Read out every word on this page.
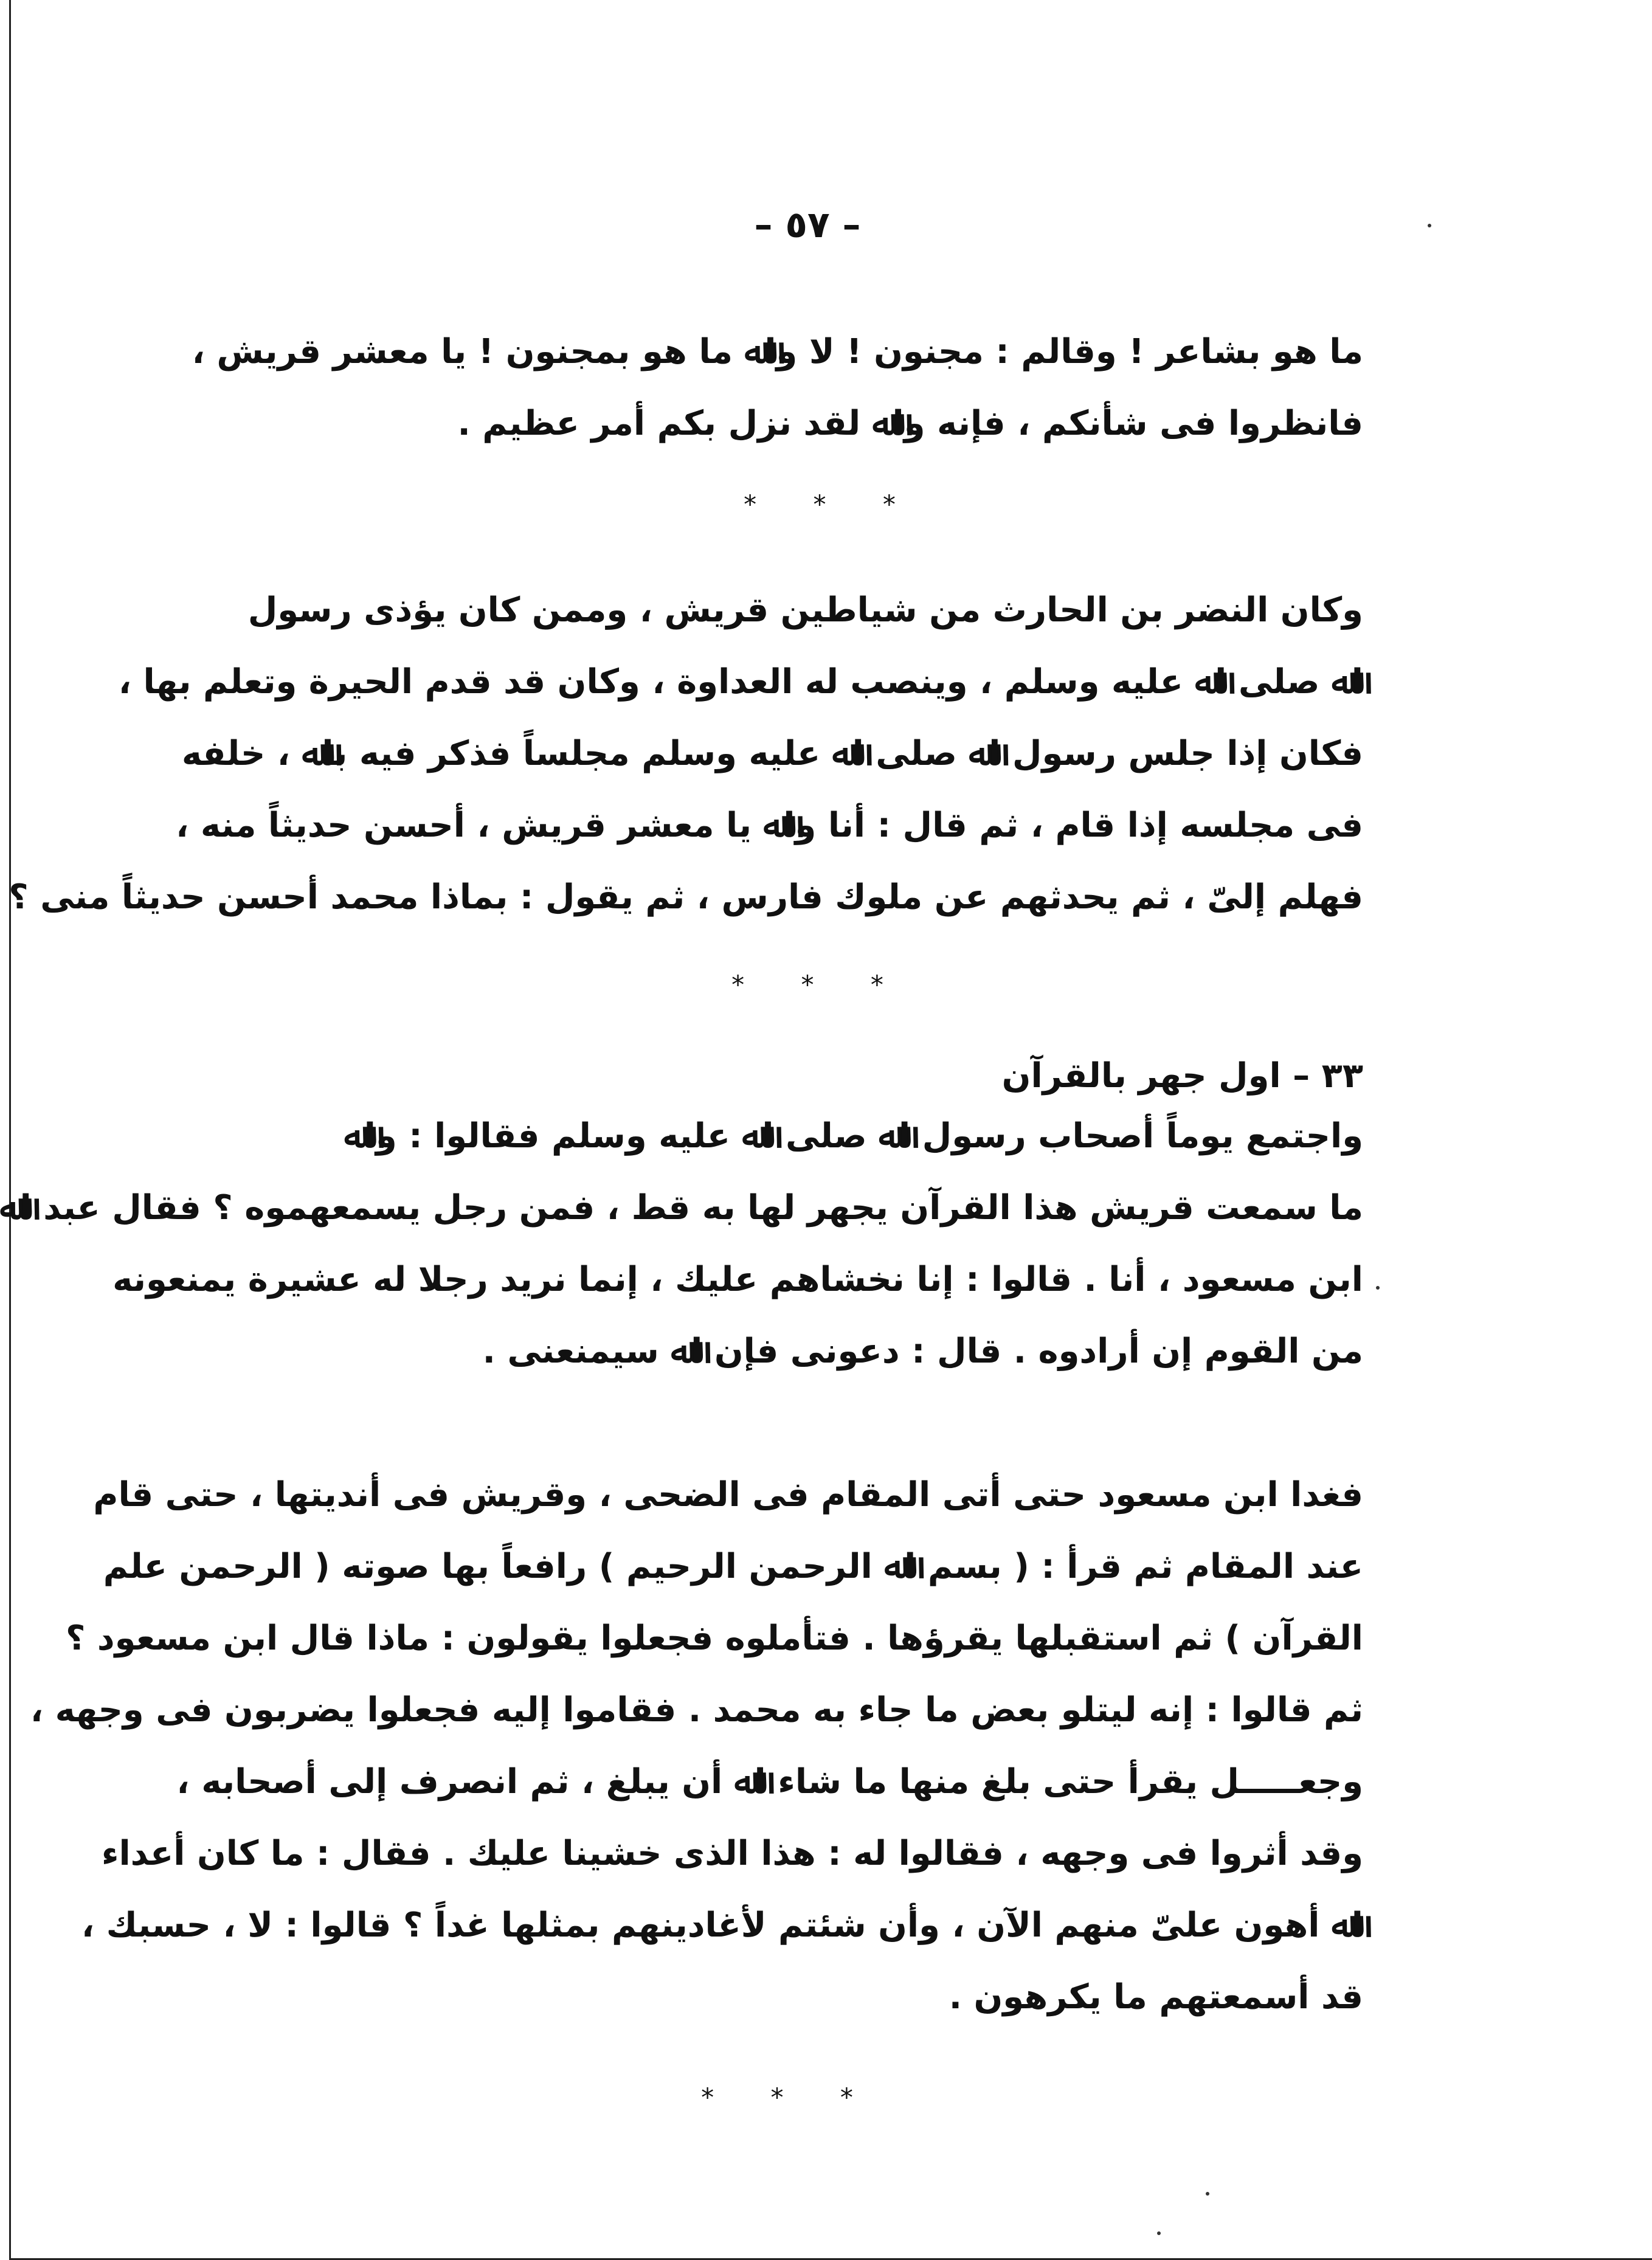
– ٥٧ –
ما هو بشاعر ! وقالم : مجنون ! لا واﷲ ما هو بمجنون ! يا معشر قريش ،
فانظروا فى شأنكم ، فإنه واﷲ لقد نزل بكم أمر عظيم .
* * *
وكان النضر بن الحارث من شياطين قريش ، وممن كان يؤذى رسول
اﷲ صلى اﷲ عليه وسلم ، وينصب له العداوة ، وكان قد قدم الحيرة وتعلم بها ،
فكان إذا جلس رسول اﷲ صلى اﷲ عليه وسلم مجلساً فذكر فيه باﷲ ، خلفه
فى مجلسه إذا قام ، ثم قال : أنا واﷲ يا معشر قريش ، أحسن حديثاً منه ،
فهلم إلىّ ، ثم يحدثهم عن ملوك فارس ، ثم يقول : بماذا محمد أحسن حديثاً منى ؟
* * *
٣٣ – اول جهر بالقرآن
واجتمع يوماً أصحاب رسول اﷲ صلى اﷲ عليه وسلم فقالوا : واﷲ
ما سمعت قريش هذا القرآن يجهر لها به قط ، فمن رجل يسمعهموه ؟ فقال عبد اﷲ
ابن مسعود ، أنا . قالوا : إنا نخشاهم عليك ، إنما نريد رجلا له عشيرة يمنعونه
من القوم إن أرادوه . قال : دعونى فإن اﷲ سيمنعنى .
فغدا ابن مسعود حتى أتى المقام فى الضحى ، وقريش فى أنديتها ، حتى قام
عند المقام ثم قرأ : ( بسم اﷲ الرحمن الرحيم ) رافعاً بها صوته ( الرحمن علم
القرآن ) ثم استقبلها يقرؤها . فتأملوه فجعلوا يقولون : ماذا قال ابن مسعود ؟
ثم قالوا : إنه ليتلو بعض ما جاء به محمد . فقاموا إليه فجعلوا يضربون فى وجهه ،
وجعـــــل يقرأ حتى بلغ منها ما شاء اﷲ أن يبلغ ، ثم انصرف إلى أصحابه ،
وقد أثروا فى وجهه ، فقالوا له : هذا الذى خشينا عليك . فقال : ما كان أعداء
اﷲ أهون علىّ منهم الآن ، وأن شئتم لأغادينهم بمثلها غداً ؟ قالوا : لا ، حسبك ،
قد أسمعتهم ما يكرهون .
* * *
